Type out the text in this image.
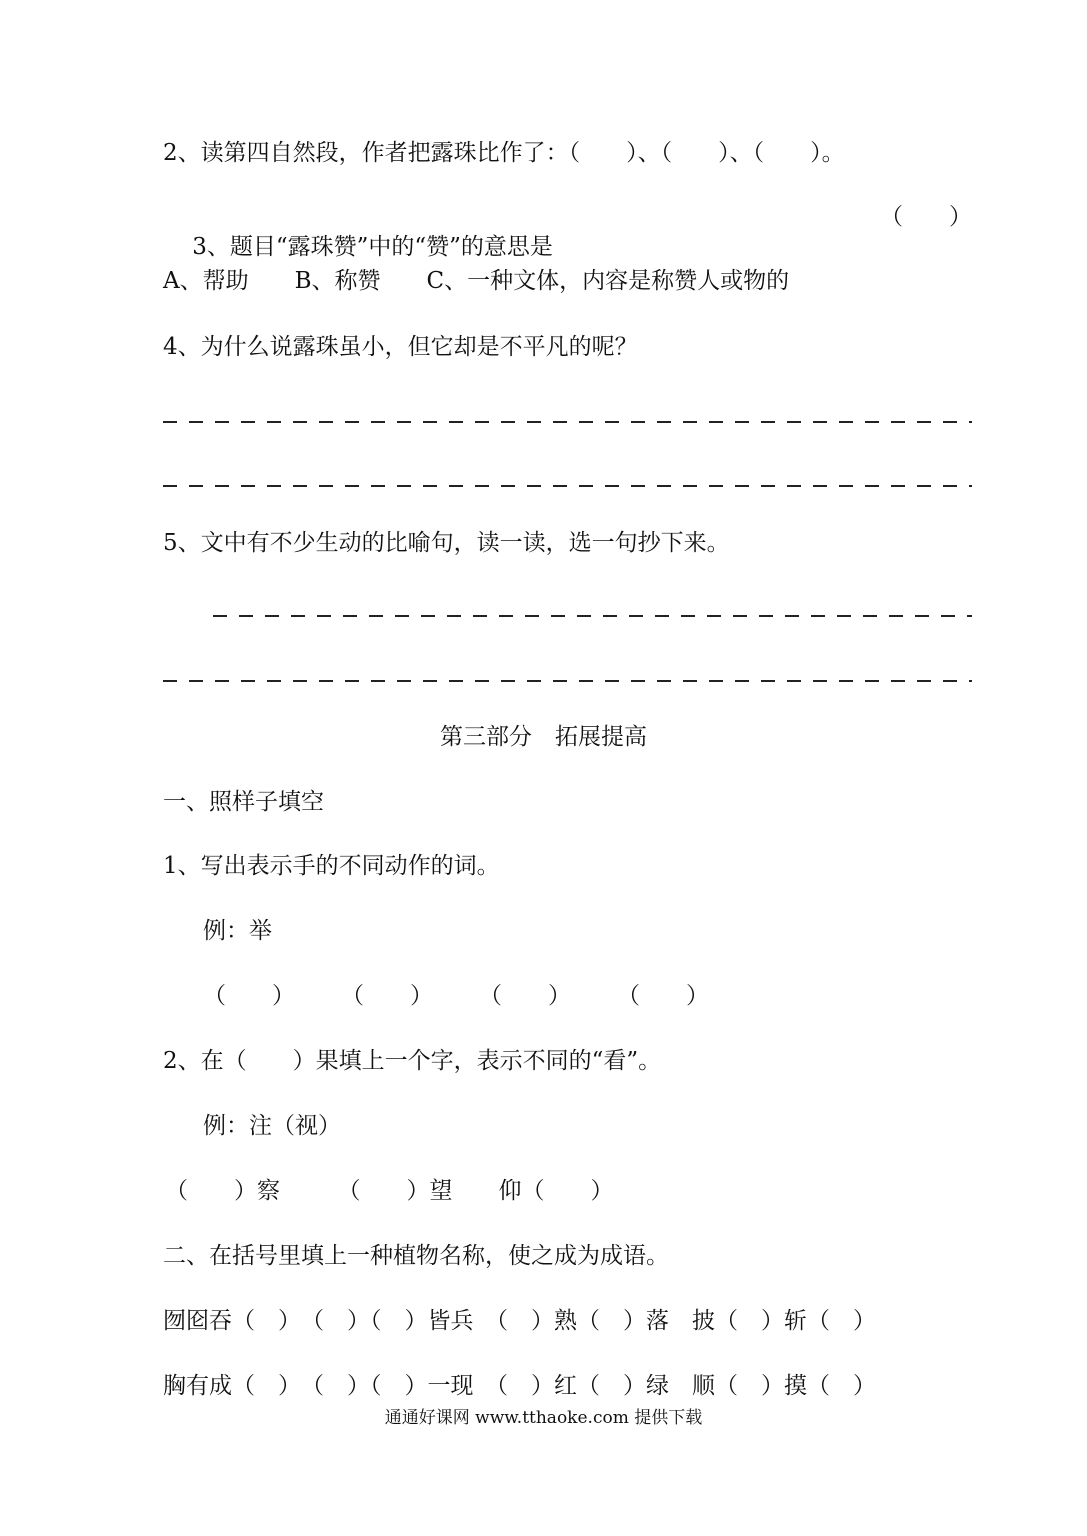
2、读第四自然段，作者把露珠比作了：（　　）、（　　）、（　　）。

3、题目“露珠赞”中的“赞”的意思是

（　　）

A、帮助　　B、称赞　　C、一种文体，内容是称赞人或物的
4、为什么说露珠虽小，但它却是不平凡的呢？
5、文中有不少生动的比喻句，读一读，选一句抄下来。
第三部分　拓展提高
一、照样子填空
1、写出表示手的不同动作的词。
例：举
（　　）　　　（　　）　　　（　　）　　　（　　）
2、在（　　）果填上一个字，表示不同的“看”。
例：注（视）
（　　）察　　　（　　）望　　仰（　　）
二、在括号里填上一种植物名称，使之成为成语。
囫囵吞（　）　（　）（　）皆兵　（　）熟（　）落　披（　）斩（　）
胸有成（　）　（　）（　）一现　（　）红（　）绿　顺（　）摸（　）
通通好课网 www.tthaoke.com 提供下载
